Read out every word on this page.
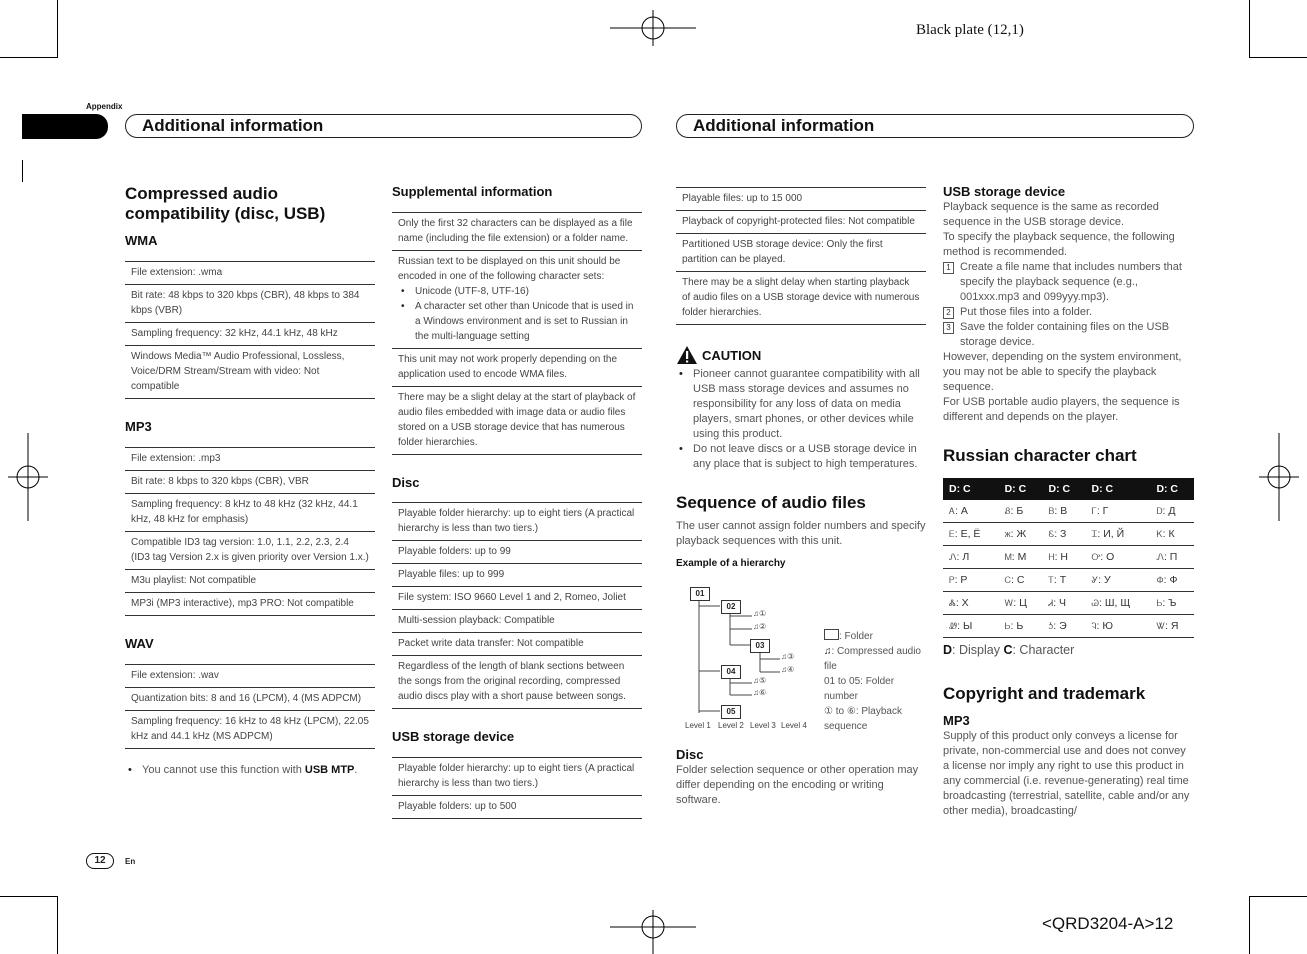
Black plate (12,1)
Appendix
Additional information	Additional information
Compressed audio compatibility (disc, USB)
WMA
File extension: .wma
Bit rate: 48 kbps to 320 kbps (CBR), 48 kbps to 384 kbps (VBR)
Sampling frequency: 32 kHz, 44.1 kHz, 48 kHz
Windows Media™ Audio Professional, Lossless, Voice/DRM Stream/Stream with video: Not compatible
MP3
File extension: .mp3
Bit rate: 8 kbps to 320 kbps (CBR), VBR
Sampling frequency: 8 kHz to 48 kHz (32 kHz, 44.1 kHz, 48 kHz for emphasis)
Compatible ID3 tag version: 1.0, 1.1, 2.2, 2.3, 2.4 (ID3 tag Version 2.x is given priority over Version 1.x.)
M3u playlist: Not compatible
MP3i (MP3 interactive), mp3 PRO: Not compatible
WAV
File extension: .wav
Quantization bits: 8 and 16 (LPCM), 4 (MS ADPCM)
Sampling frequency: 16 kHz to 48 kHz (LPCM), 22.05 kHz and 44.1 kHz (MS ADPCM)
• You cannot use this function with USB MTP.
Supplemental information
Only the first 32 characters can be displayed as a file name (including the file extension) or a folder name.
Russian text to be displayed on this unit should be encoded in one of the following character sets:
• Unicode (UTF-8, UTF-16)
• A character set other than Unicode that is used in a Windows environment and is set to Russian in the multi-language setting
This unit may not work properly depending on the application used to encode WMA files.
There may be a slight delay at the start of playback of audio files embedded with image data or audio files stored on a USB storage device that has numerous folder hierarchies.
Disc
Playable folder hierarchy: up to eight tiers (A practical hierarchy is less than two tiers.)
Playable folders: up to 99
Playable files: up to 999
File system: ISO 9660 Level 1 and 2, Romeo, Joliet
Multi-session playback: Compatible
Packet write data transfer: Not compatible
Regardless of the length of blank sections between the songs from the original recording, compressed audio discs play with a short pause between songs.
USB storage device
Playable folder hierarchy: up to eight tiers (A practical hierarchy is less than two tiers.)
Playable folders: up to 500
Playable files: up to 15 000
Playback of copyright-protected files: Not compatible
Partitioned USB storage device: Only the first partition can be played.
There may be a slight delay when starting playback of audio files on a USB storage device with numerous folder hierarchies.
CAUTION
• Pioneer cannot guarantee compatibility with all USB mass storage devices and assumes no responsibility for any loss of data on media players, smart phones, or other devices while using this product.
• Do not leave discs or a USB storage device in any place that is subject to high temperatures.
Sequence of audio files
The user cannot assign folder numbers and specify playback sequences with this unit.
Example of a hierarchy
01
02
03
04
05
♫①
♫②
♫③
♫④
♫⑤
♫⑥
Level 1 Level 2 Level 3 Level 4
: Folder
♫: Compressed audio file
01 to 05: Folder number
① to ⑥: Playback sequence
Disc
Folder selection sequence or other operation may differ depending on the encoding or writing software.
USB storage device
Playback sequence is the same as recorded sequence in the USB storage device.
To specify the playback sequence, the following method is recommended.
1 Create a file name that includes numbers that specify the playback sequence (e.g., 001xxx.mp3 and 099yyy.mp3).
2 Put those files into a folder.
3 Save the folder containing files on the USB storage device.
However, depending on the system environment, you may not be able to specify the playback sequence.
For USB portable audio players, the sequence is different and depends on the player.
Russian character chart
D: C	D: C	D: C	D: C	D: C
Ꭺ: А	Ᏸ: Б	Ᏼ: В	Ꮁ: Г	Ꭰ: Д
Ꭼ: Е, Ё	ж: Ж	Ꮛ: З	Ꮖ: И, Й	Ꮶ: К
Ꮑ: Л	Ꮇ: М	Ꮋ: Н	Ꭴ: О	Ꮑ: П
Ꮲ: Р	Ꮯ: С	Ꭲ: Т	Ꮍ: У	Φ: Ф
Ꮬ: Х	Ꮃ: Ц	Ꮧ: Ч	Ꮚ: Ш, Щ	Ꮟ: Ъ
Ꮺ: Ы	Ꮟ: Ь	Ꮌ: Э	Ꮈ: Ю	Ꮤ: Я
D: Display C: Character
Copyright and trademark
MP3
Supply of this product only conveys a license for private, non-commercial use and does not convey a license nor imply any right to use this product in any commercial (i.e. revenue-generating) real time broadcasting (terrestrial, satellite, cable and/or any other media), broadcasting/
12	En
<QRD3204-A>12
